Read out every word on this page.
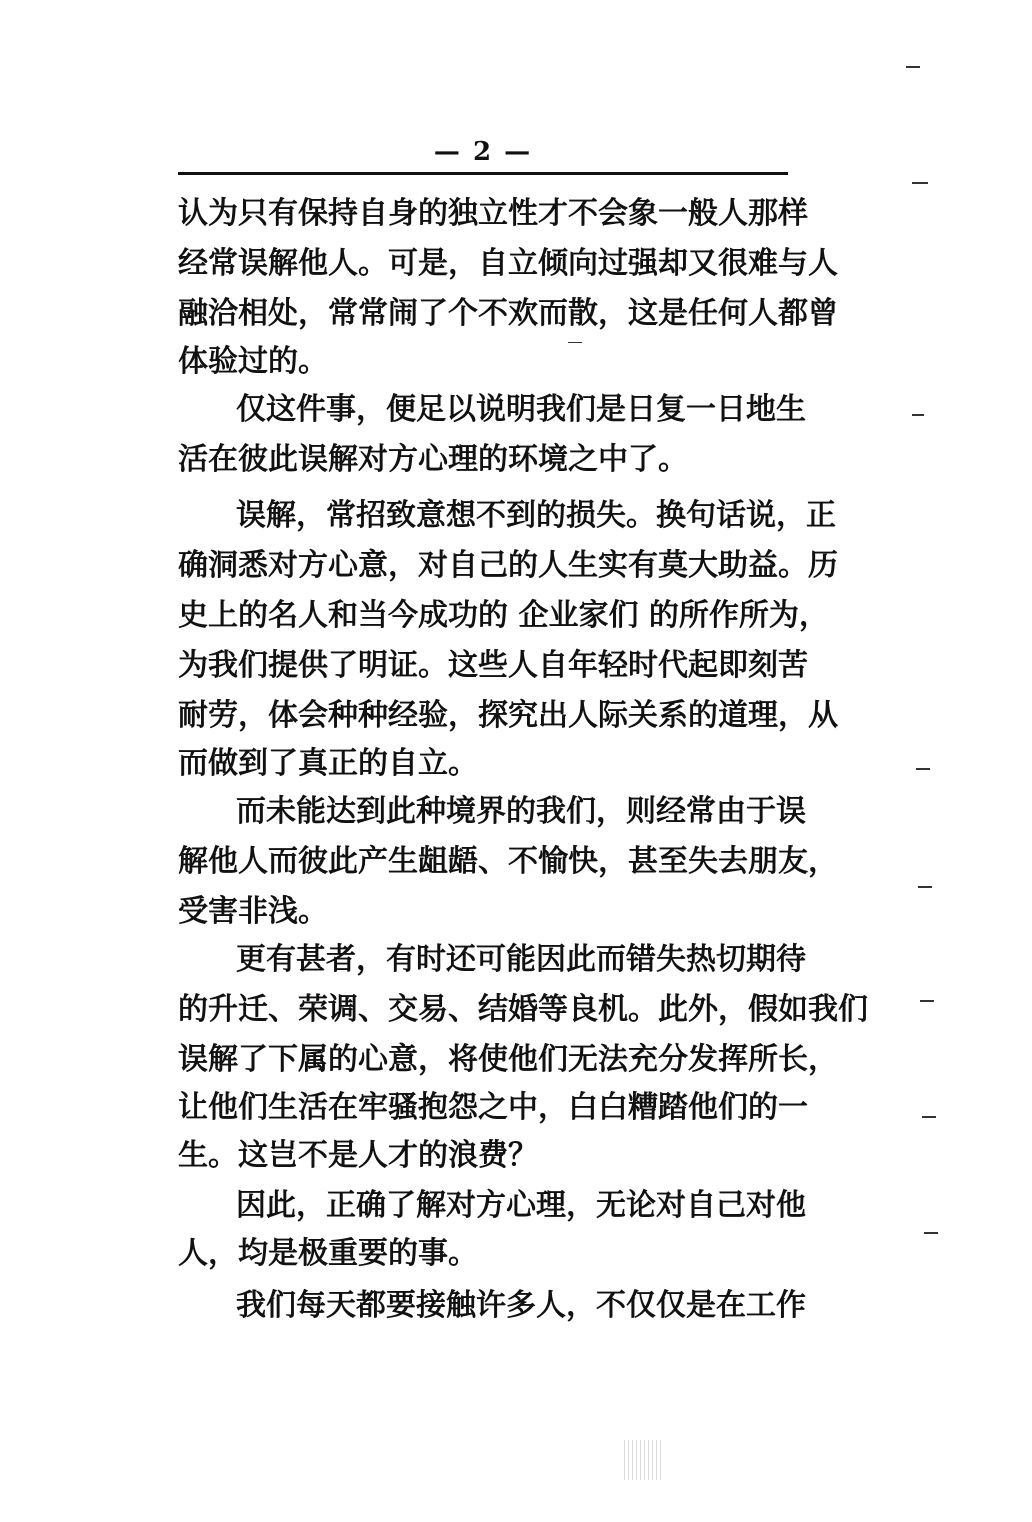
— 2 —
认为只有保持自身的独立性才不会象一般人那样
经常误解他人。可是，自立倾向过强却又很难与人
融洽相处，常常闹了个不欢而散，这是任何人都曾
体验过的。
仅这件事，便足以说明我们是日复一日地生
活在彼此误解对方心理的环境之中了。
误解，常招致意想不到的损失。换句话说，正
确洞悉对方心意，对自己的人生实有莫大助益。历
史上的名人和当今成功的 企业家们 的所作所为，
为我们提供了明证。这些人自年轻时代起即刻苦
耐劳，体会种种经验，探究出人际关系的道理，从
而做到了真正的自立。
而未能达到此种境界的我们，则经常由于误
解他人而彼此产生龃龉、不愉快，甚至失去朋友，
受害非浅。
更有甚者，有时还可能因此而错失热切期待
的升迁、荣调、交易、结婚等良机。此外，假如我们
误解了下属的心意，将使他们无法充分发挥所长，
让他们生活在牢骚抱怨之中，白白糟踏他们的一
生。这岂不是人才的浪费？
因此，正确了解对方心理，无论对自己对他
人，均是极重要的事。
我们每天都要接触许多人，不仅仅是在工作
